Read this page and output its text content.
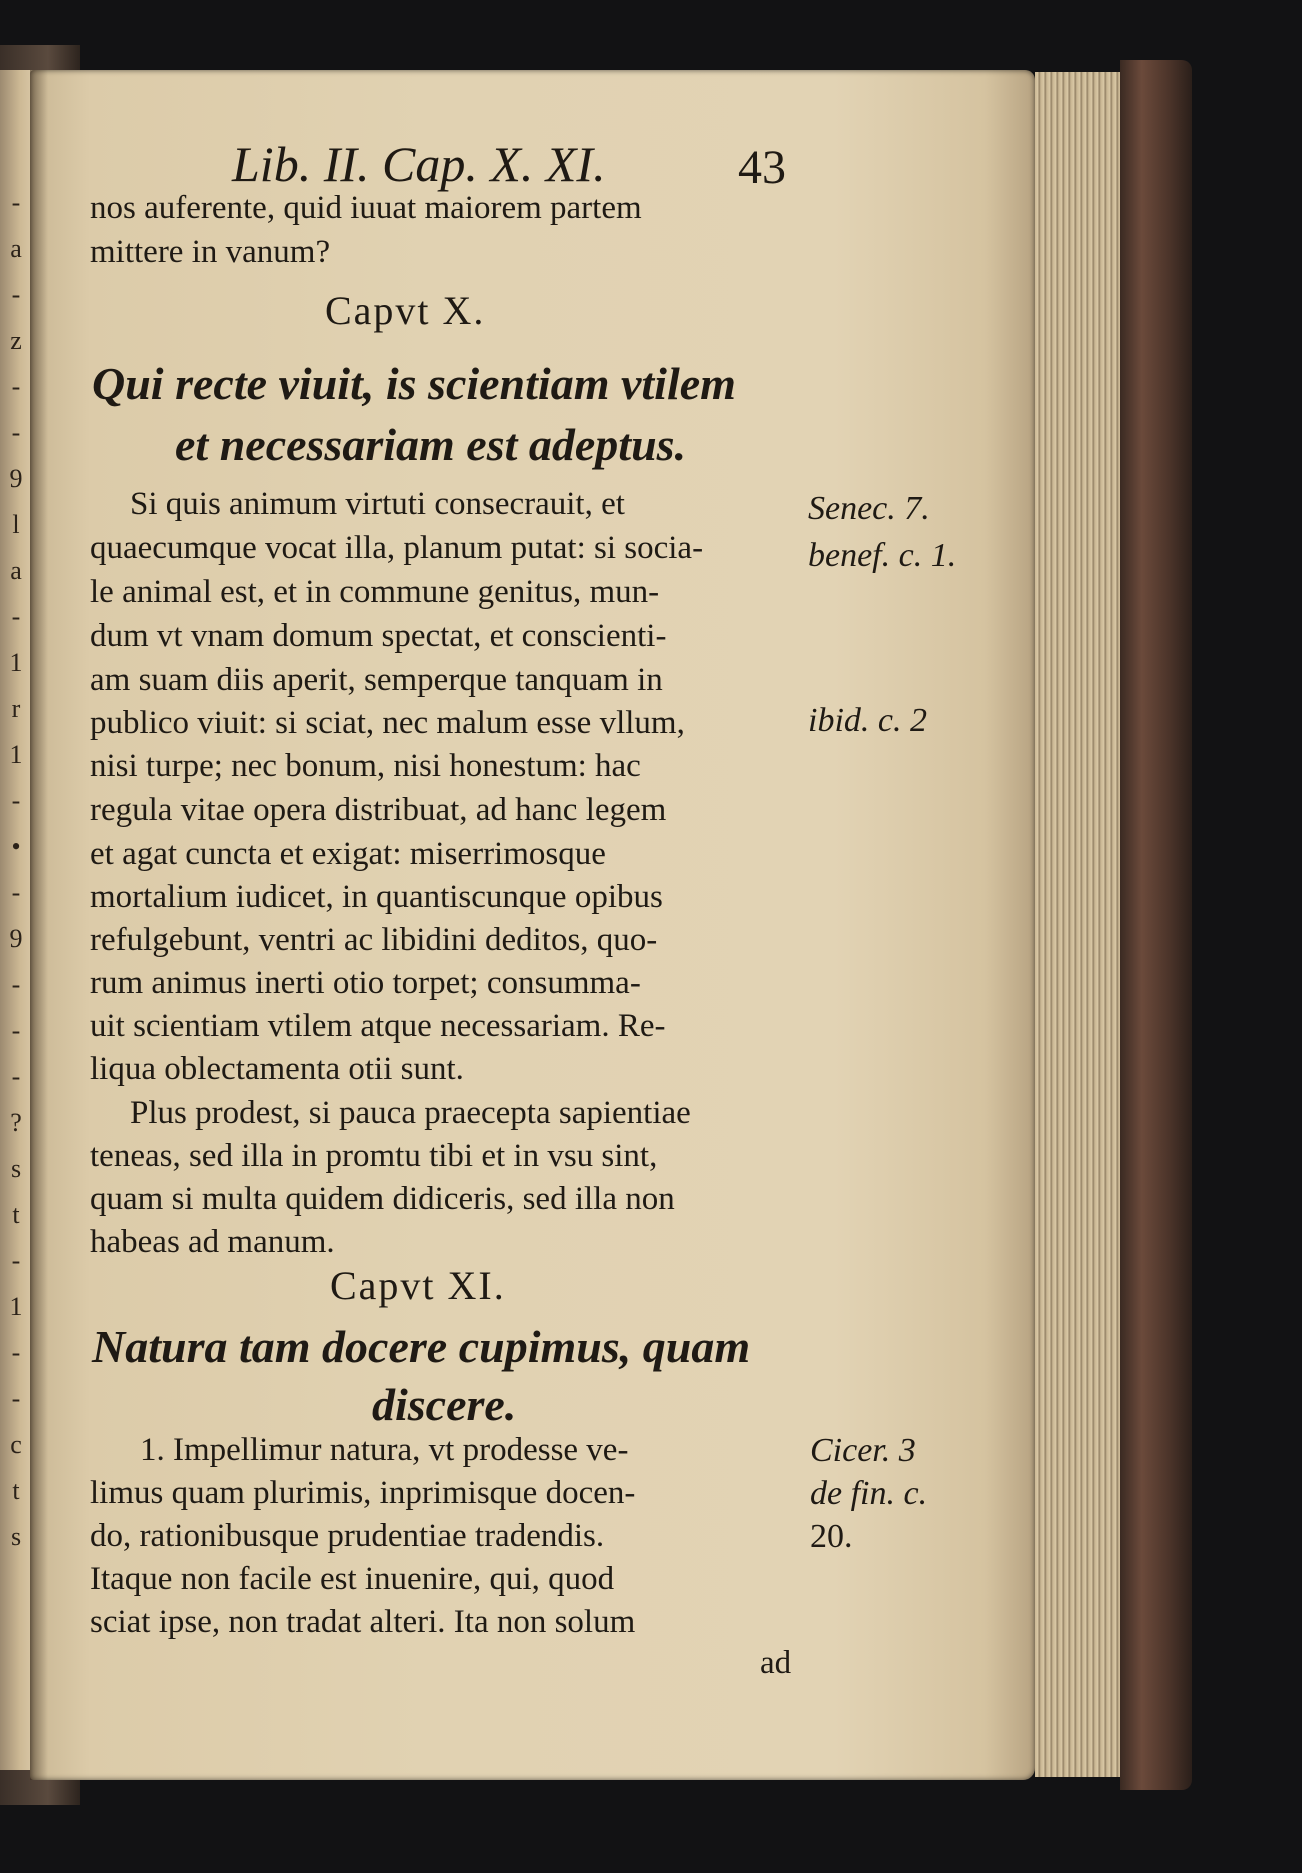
-
a
-
z
-
-
9
l
a
-
1
r
1
-
•
-
9
-
-
-
?
s
t
-
1
-
-
c
t
s
Lib. II. Cap. X. XI.	43
nos auferente, quid iuuat maiorem partem
mittere in vanum?
Capvt X.
Qui recte viuit, is scientiam vtilem
et necessariam est adeptus.
Si quis animum virtuti consecrauit, et
quaecumque vocat illa, planum putat: si socia-
le animal est, et in commune genitus, mun-
dum vt vnam domum spectat, et conscienti-
am suam diis aperit, semperque tanquam in
publico viuit: si sciat, nec malum esse vllum,
nisi turpe; nec bonum, nisi honestum: hac
regula vitae opera distribuat, ad hanc legem
et agat cuncta et exigat: miserrimosque
mortalium iudicet, in quantiscunque opibus
refulgebunt, ventri ac libidini deditos, quo-
rum animus inerti otio torpet; consumma-
uit scientiam vtilem atque necessariam. Re-
liqua oblectamenta otii sunt.
Plus prodest, si pauca praecepta sapientiae
teneas, sed illa in promtu tibi et in vsu sint,
quam si multa quidem didiceris, sed illa non
habeas ad manum.
Senec. 7.
benef. c. 1.
ibid. c. 2
Capvt XI.
Natura tam docere cupimus, quam
discere.
1. Impellimur natura, vt prodesse ve-
limus quam plurimis, inprimisque docen-
do, rationibusque prudentiae tradendis.
Itaque non facile est inuenire, qui, quod
sciat ipse, non tradat alteri. Ita non solum
ad
Cicer. 3
de fin. c.
20.
